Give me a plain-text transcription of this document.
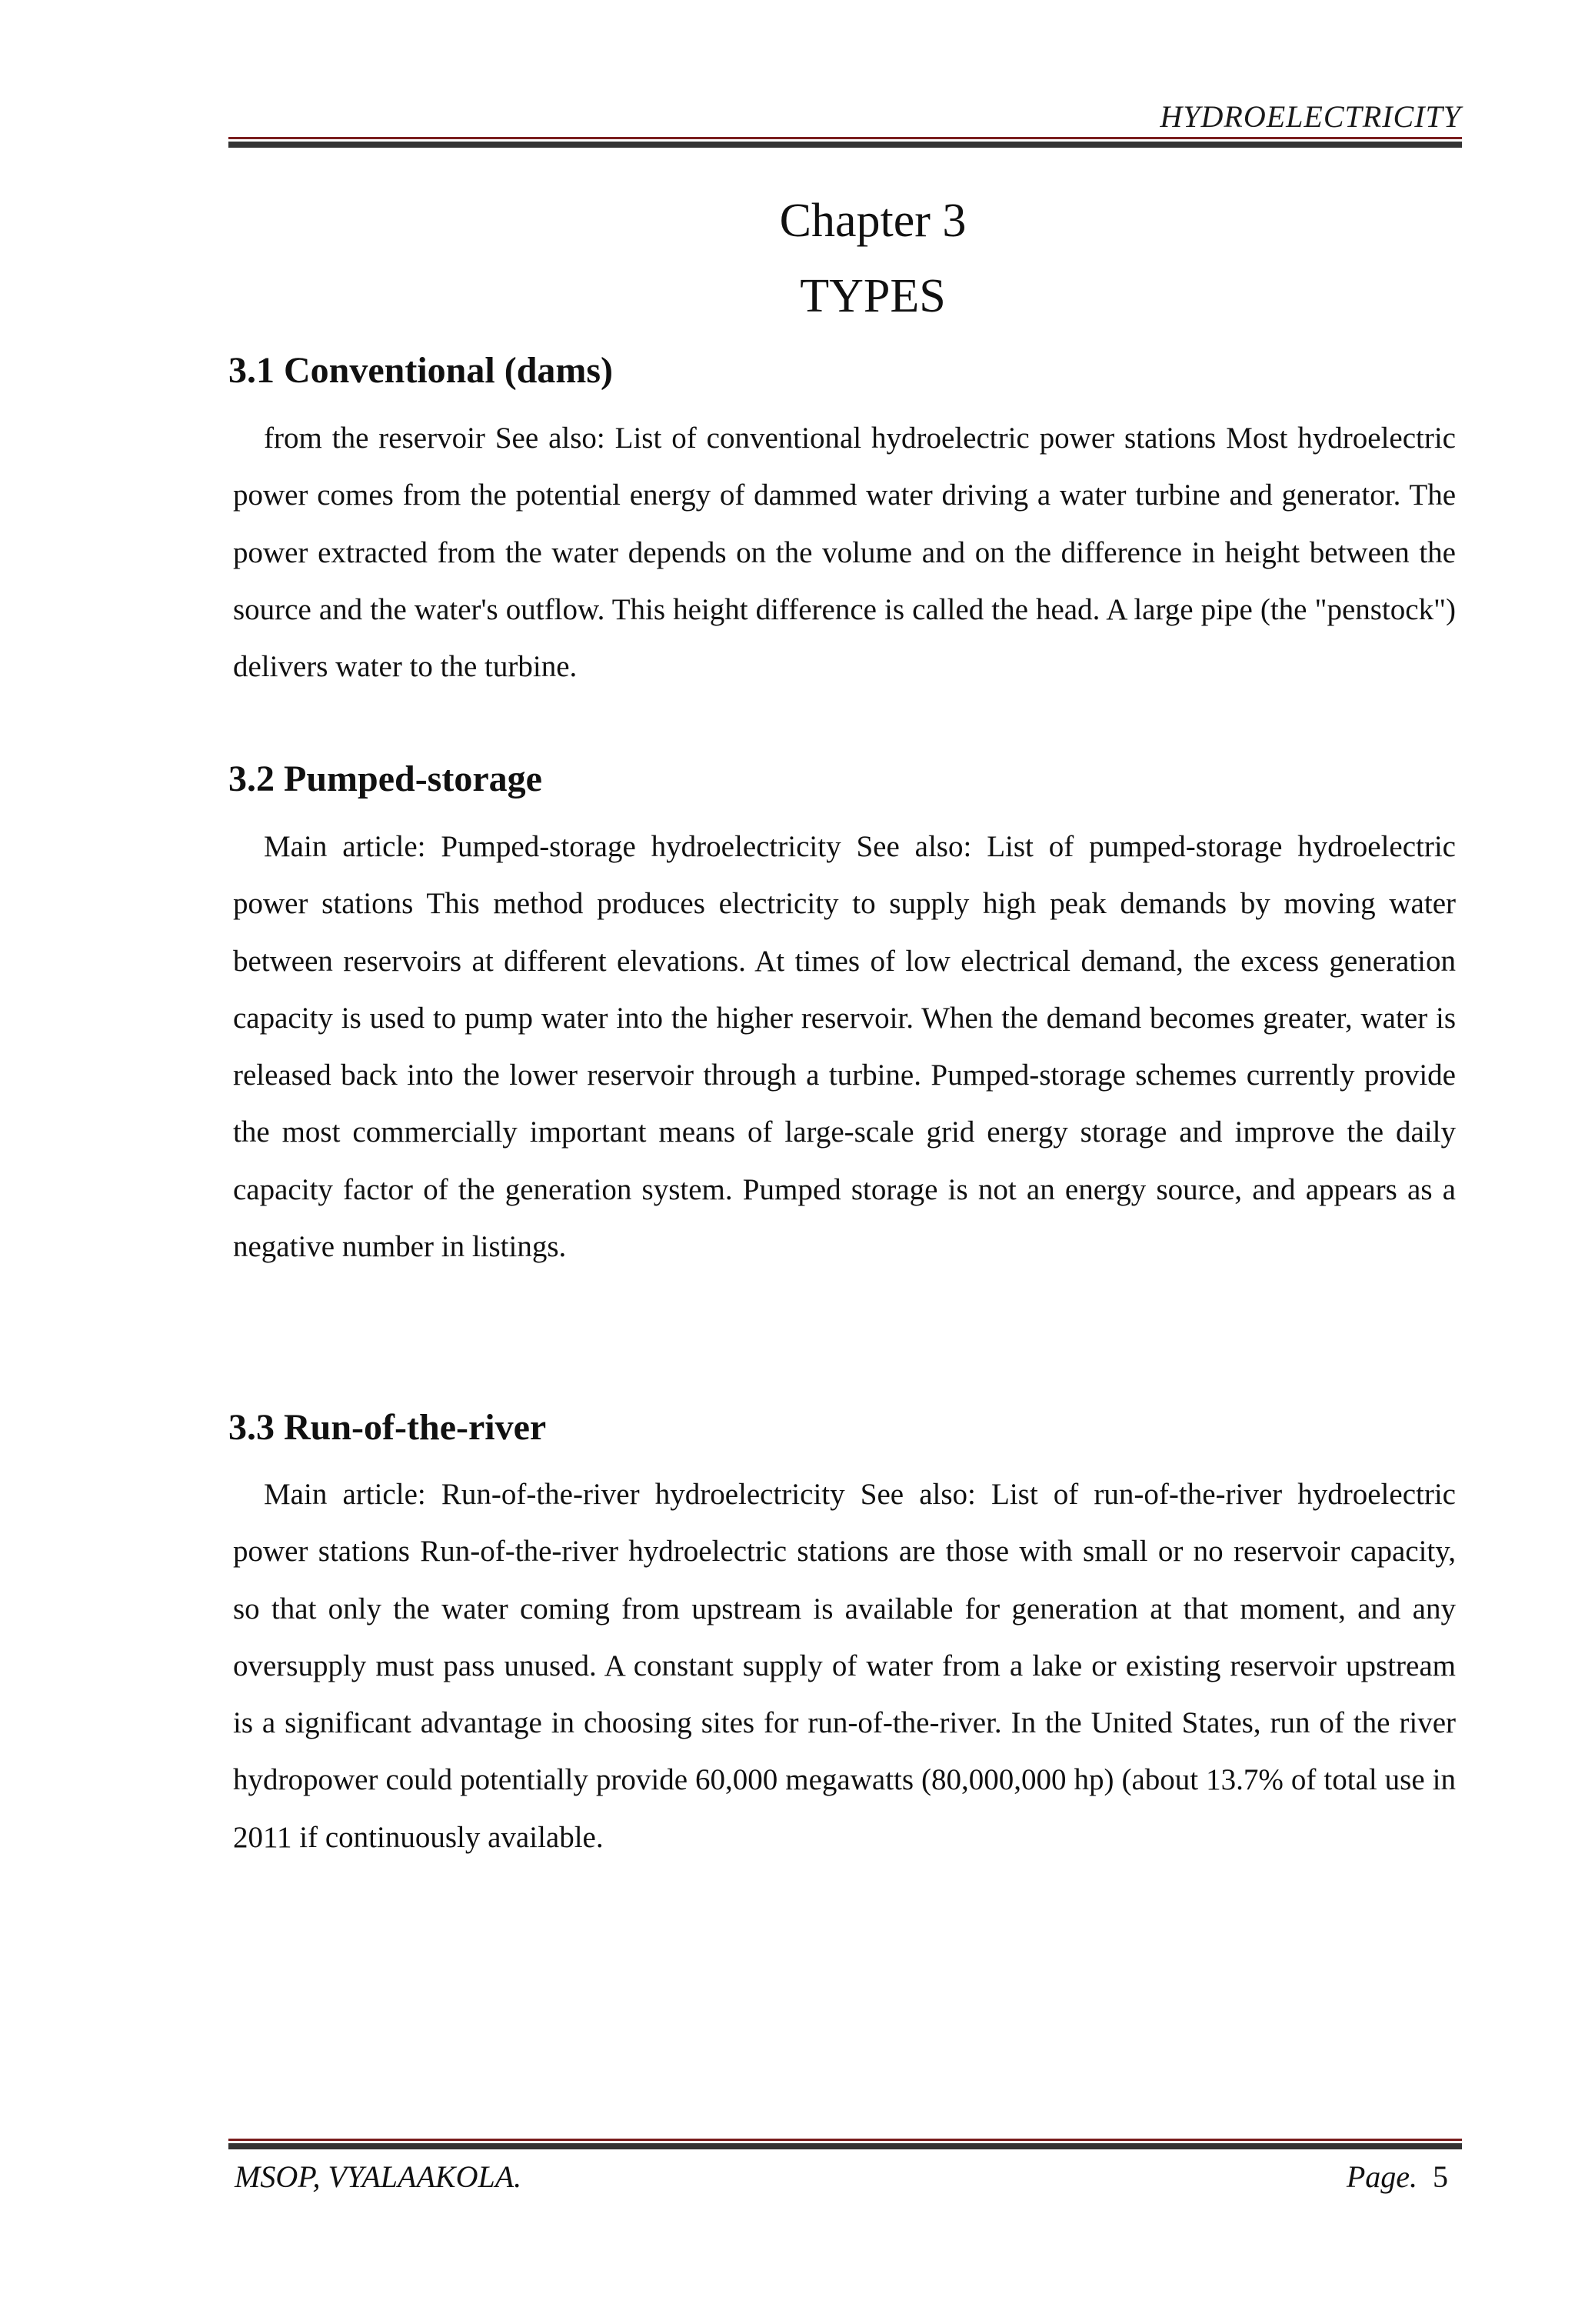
HYDROELECTRICITY
Chapter 3
TYPES
3.1 Conventional (dams)

from the reservoir See also: List of conventional hydroelectric power stations Most hydroelectric power comes from the potential energy of dammed water driving a water turbine and generator. The power extracted from the water depends on the volume and on the difference in height between the source and the water's outflow. This height difference is called the head. A large pipe (the "penstock") delivers water to the turbine.

3.2 Pumped-storage

Main article: Pumped-storage hydroelectricity See also: List of pumped-storage hydroelectric power stations This method produces electricity to supply high peak demands by moving water between reservoirs at different elevations. At times of low electrical demand, the excess generation capacity is used to pump water into the higher reservoir. When the demand becomes greater, water is released back into the lower reservoir through a turbine. Pumped-storage schemes currently provide the most commercially important means of large-scale grid energy storage and improve the daily capacity factor of the generation system. Pumped storage is not an energy source, and appears as a negative number in listings.

3.3 Run-of-the-river

Main article: Run-of-the-river hydroelectricity See also: List of run-of-the-river hydroelectric power stations Run-of-the-river hydroelectric stations are those with small or no reservoir capacity, so that only the water coming from upstream is available for generation at that moment, and any oversupply must pass unused. A constant supply of water from a lake or existing reservoir upstream is a significant advantage in choosing sites for run-of-the-river. In the United States, run of the river hydropower could potentially provide 60,000 megawatts (80,000,000 hp) (about 13.7% of total use in 2011 if continuously available.

MSOP, VYALAAKOLA.	Page. 5
